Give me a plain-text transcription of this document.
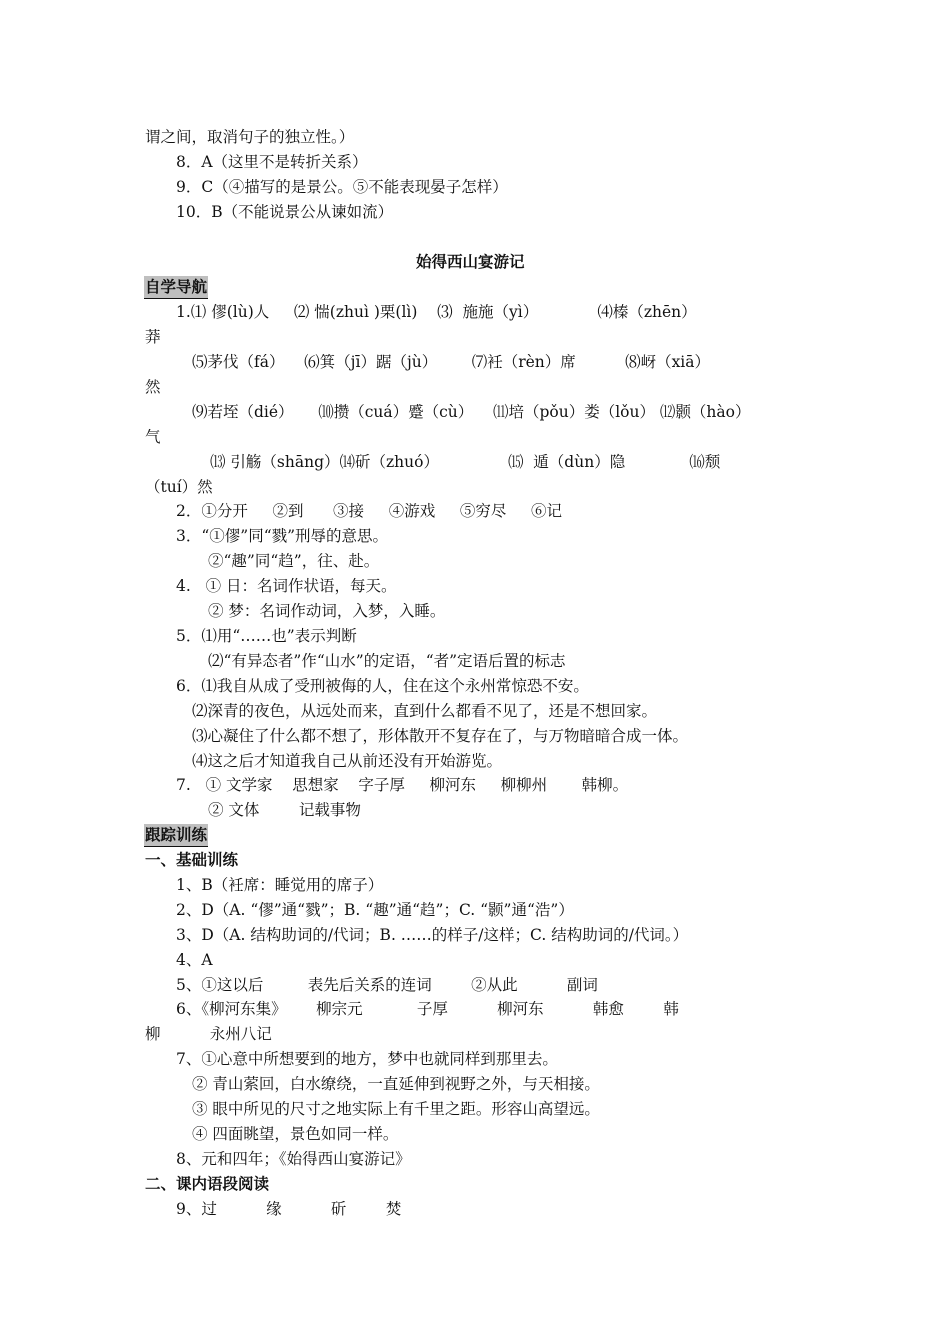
谓之间，取消句子的独立性。）
8．A（这里不是转折关系）
9．C（④描写的是景公。⑤不能表现晏子怎样）
10．B（不能说景公从谏如流）
始得西山宴游记
自学导航
1.⑴ 僇(lù)人     ⑵ 惴(zhuì )栗(lì)    ⑶  施施（yì）            ⑷榛（zhēn）
莽
⑸茅伐（fá）    ⑹箕（jī）踞（jù）       ⑺衽（rèn）席          ⑻岈（xiā）
然
⑼若垤（dié）     ⑽攒（cuá）蹙（cù）    ⑾培（pǒu）娄（lǒu） ⑿颢（hào）
气
⒀ 引觞（shāng）⒁斫（zhuó）              ⒂  遁（dùn）隐             ⒃颓
（tuí）然
2．①分开     ②到      ③接     ④游戏     ⑤穷尽     ⑥记
3．“①僇”同“戮”刑辱的意思。
②“趣”同“趋”，往、赴。
4.   ① 日：名词作状语，每天。
② 梦：名词作动词，入梦，入睡。
5．⑴用“……也”表示判断
⑵“有异态者”作“山水”的定语，“者”定语后置的标志
6．⑴我自从成了受刑被侮的人，住在这个永州常惊恐不安。
⑵深青的夜色，从远处而来，直到什么都看不见了，还是不想回家。
⑶心凝住了什么都不想了，形体散开不复存在了，与万物暗暗合成一体。
⑷这之后才知道我自己从前还没有开始游览。
7.   ① 文学家    思想家    字子厚     柳河东     柳柳州       韩柳。
② 文体        记载事物
跟踪训练
一、基础训练
1、B（衽席：睡觉用的席子）
2、D（A. “僇”通“戮”；B. “趣”通“趋”；C. “颢”通“浩”）
3、D（A. 结构助词的/代词；B. ……的样子/这样；C. 结构助词的/代词。）
4、A
5、①这以后         表先后关系的连词        ②从此          副词
6、《柳河东集》      柳宗元           子厚          柳河东          韩愈        韩
柳          永州八记
7、①心意中所想要到的地方，梦中也就同样到那里去。
② 青山萦回，白水缭绕，一直延伸到视野之外，与天相接。
③ 眼中所见的尺寸之地实际上有千里之距。形容山高望远。
④ 四面眺望，景色如同一样。
8、元和四年；《始得西山宴游记》
二、课内语段阅读
9、过          缘          斫        焚
